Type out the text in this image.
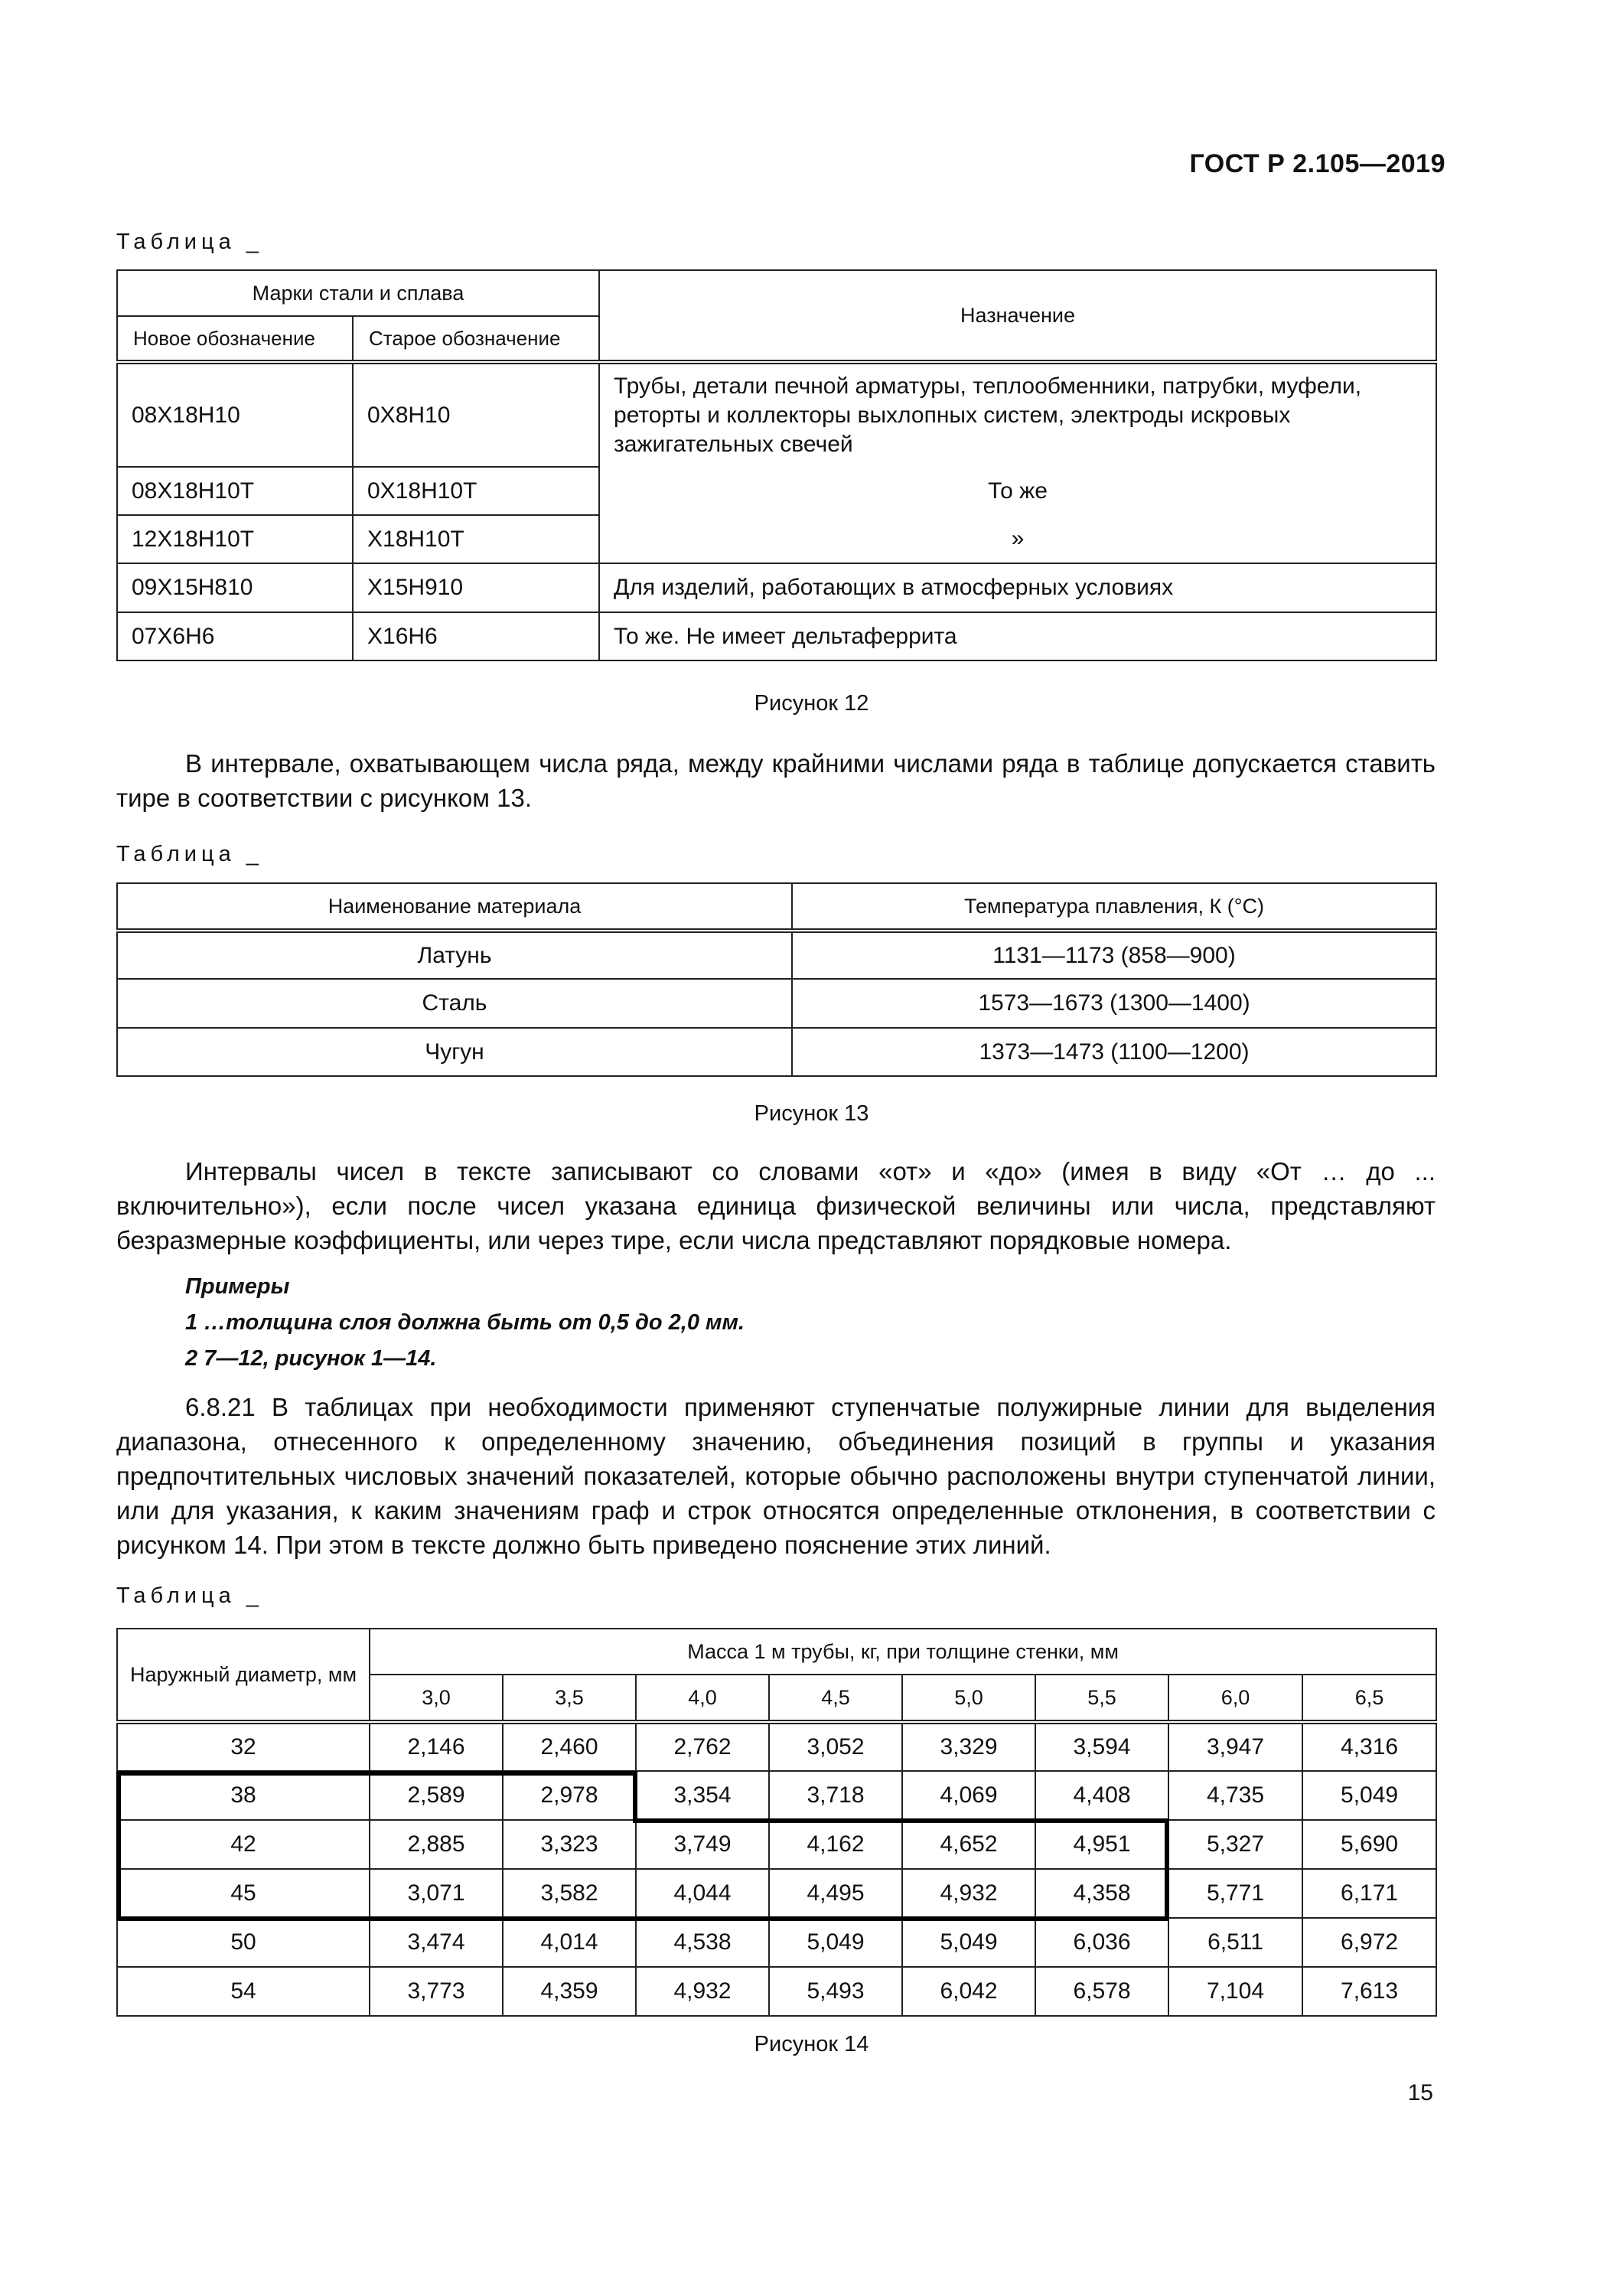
ГОСТ Р 2.105—2019
Таблица _
Марки стали и сплава		Назначение
Новое обозначение	Старое обозначение	
08Х18Н10	0Х8Н10	Трубы, детали печной арматуры, теплообменники, патрубки, муфели, реторты и коллекторы выхлопных систем, электроды искровых зажигательных свечей
08Х18Н10Т	0Х18Н10Т	То же
12Х18Н10Т	Х18Н10Т	»
09Х15Н810	Х15Н910	Для изделий, работающих в атмосферных условиях
07Х6Н6	Х16Н6	То же. Не имеет дельтаферрита
Рисунок 12

В интервале, охватывающем числа ряда, между крайними числами ряда в таблице допускается ставить тире в соответствии с рисунком 13.

Таблица _
Наименование материала	Температура плавления, К (°С)
Латунь	1131—1173 (858—900)
Сталь	1573—1673 (1300—1400)
Чугун	1373—1473 (1100—1200)
Рисунок 13

Интервалы чисел в тексте записывают со словами «от» и «до» (имея в виду «От … до ... включительно»), если после чисел указана единица физической величины или числа, представляют безразмерные коэффициенты, или через тире, если числа представляют порядковые номера.

Примеры
1 …толщина слоя должна быть от 0,5 до 2,0 мм.
2 7—12, рисунок 1—14.

6.8.21 В таблицах при необходимости применяют ступенчатые полужирные линии для выделения диапазона, отнесенного к определенному значению, объединения позиций в группы и указания предпочтительных числовых значений показателей, которые обычно расположены внутри ступенчатой линии, или для указания, к каким значениям граф и строк относятся определенные отклонения, в соответствии с рисунком 14. При этом в тексте должно быть приведено пояснение этих линий.

Таблица _
Наружный диаметр, мм	Масса 1 м трубы, кг, при толщине стенки, мм							
	3,0	3,5	4,0	4,5	5,0	5,5	6,0	6,5
32	2,146	2,460	2,762	3,052	3,329	3,594	3,947	4,316
38	2,589	2,978	3,354	3,718	4,069	4,408	4,735	5,049
42	2,885	3,323	3,749	4,162	4,652	4,951	5,327	5,690
45	3,071	3,582	4,044	4,495	4,932	4,358	5,771	6,171
50	3,474	4,014	4,538	5,049	5,049	6,036	6,511	6,972
54	3,773	4,359	4,932	5,493	6,042	6,578	7,104	7,613
Рисунок 14
15
